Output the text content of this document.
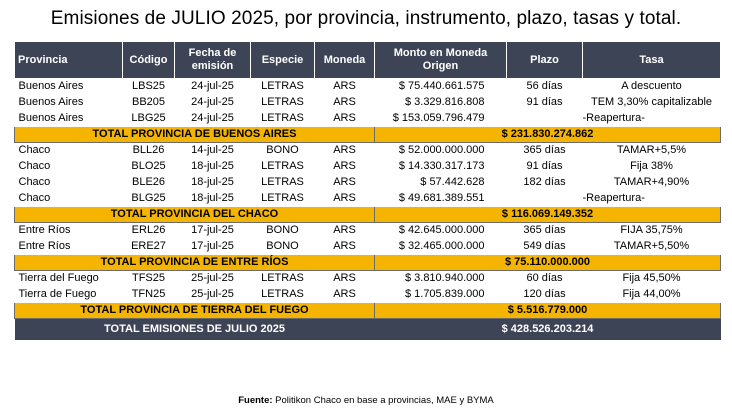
Emisiones de JULIO 2025, por provincia, instrumento, plazo, tasas y total.
Provincia	Código	Fecha de emisión	Especie	Moneda	Monto en Moneda Origen	Plazo	Tasa
Buenos Aires	LBS25	24-jul-25	LETRAS	ARS	$ 75.440.661.575	56 días	A descuento
Buenos Aires	BB205	24-jul-25	LETRAS	ARS	$ 3.329.816.808	91 días	TEM 3,30% capitalizable
Buenos Aires	LBG25	24-jul-25	LETRAS	ARS	$ 153.059.796.479		-Reapertura-
TOTAL PROVINCIA DE BUENOS AIRES					$ 231.830.274.862		
Chaco	BLL26	14-jul-25	BONO	ARS	$ 52.000.000.000	365 días	TAMAR+5,5%
Chaco	BLO25	18-jul-25	LETRAS	ARS	$ 14.330.317.173	91 días	Fija 38%
Chaco	BLE26	18-jul-25	LETRAS	ARS	$ 57.442.628	182 días	TAMAR+4,90%
Chaco	BLG25	18-jul-25	LETRAS	ARS	$ 49.681.389.551		-Reapertura-
TOTAL PROVINCIA DEL CHACO					$ 116.069.149.352		
Entre Ríos	ERL26	17-jul-25	BONO	ARS	$ 42.645.000.000	365 días	FIJA 35,75%
Entre Ríos	ERE27	17-jul-25	BONO	ARS	$ 32.465.000.000	549 días	TAMAR+5,50%
TOTAL PROVINCIA DE ENTRE RÍOS					$ 75.110.000.000		
Tierra del Fuego	TFS25	25-jul-25	LETRAS	ARS	$ 3.810.940.000	60 días	Fija 45,50%
Tierra de Fuego	TFN25	25-jul-25	LETRAS	ARS	$ 1.705.839.000	120 días	Fija 44,00%
TOTAL PROVINCIA DE TIERRA DEL FUEGO					$ 5.516.779.000		
TOTAL EMISIONES DE JULIO 2025					$ 428.526.203.214		
Fuente: Politikon Chaco en base a provincias, MAE y BYMA
